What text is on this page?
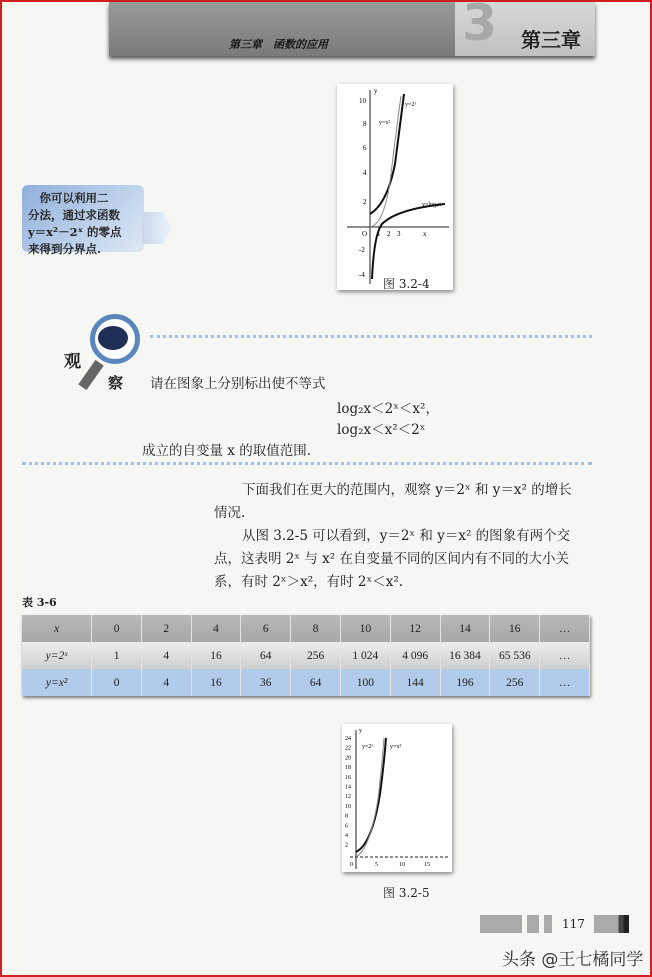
3 第三章
第三章　函数的应用
　你可以利用二
分法，通过求函数
y＝x²－2ˣ 的零点
来得到分界点.
y
y=log₂x
y=2ˣ
y=x²
2
x
O
10
8
6
4
-2
-4
1 2 3
图 3.2-4
观
察 请在图象上分别标出使不等式
log₂x＜2ˣ＜x²，
log₂x＜x²＜2ˣ
成立的自变量 x 的取值范围.
下面我们在更大的范围内，观察 y＝2ˣ 和 y＝x² 的增长
情况.
从图 3.2-5 可以看到，y＝2ˣ 和 y＝x² 的图象有两个交
点，这表明 2ˣ 与 x² 在自变量不同的区间内有不同的大小关
系，有时 2ˣ＞x²，有时 2ˣ＜x².
表 3-6
x	0	2	4	6	8	10	12	14	16	…
y=2ˣ	1	4	16	64	256	1 024	4 096	16 384	65 536	…
y=x²	0	4	16	36	64	100	144	196	256	…
y
0	5	10	15
y=2ˣ	y=x²
24
22
20
18
16
14
12
10
8
6
4
2
图 3.2-5
117
头条 @王七橘同学
